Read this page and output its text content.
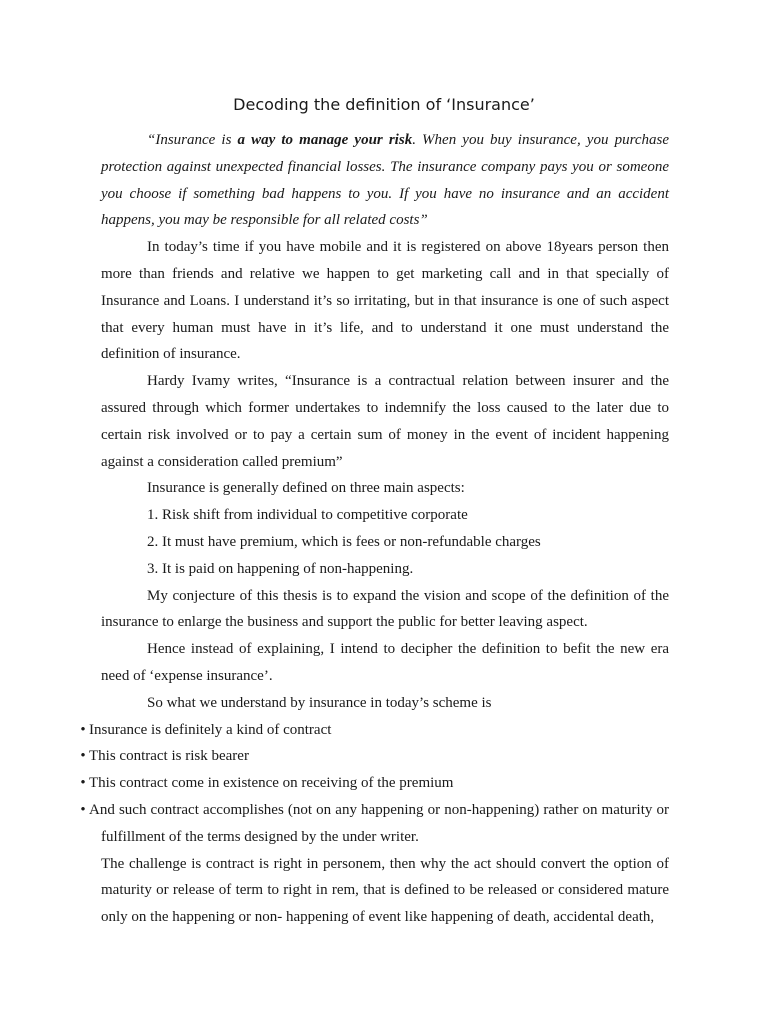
Decoding the definition of ‘Insurance’

“Insurance is a way to manage your risk. When you buy insurance, you purchase protection against unexpected financial losses. The insurance company pays you or someone you choose if something bad happens to you. If you have no insurance and an accident happens, you may be responsible for all related costs”

In today’s time if you have mobile and it is registered on above 18years person then more than friends and relative we happen to get marketing call and in that specially of Insurance and Loans. I understand it’s so irritating, but in that insurance is one of such aspect that every human must have in it’s life, and to understand it one must understand the definition of insurance.

Hardy Ivamy writes, “Insurance is a contractual relation between insurer and the assured through which former undertakes to indemnify the loss caused to the later due to certain risk involved or to pay a certain sum of money in the event of incident happening against a consideration called premium”

Insurance is generally defined on three main aspects:

1. Risk shift from individual to competitive corporate

2. It must have premium, which is fees or non-refundable charges

3. It is paid on happening of non-happening.

My conjecture of this thesis is to expand the vision and scope of the definition of the insurance to enlarge the business and support the public for better leaving aspect.

Hence instead of explaining, I intend to decipher the definition to befit the new era need of ‘expense insurance’.

So what we understand by insurance in today’s scheme is

• Insurance is definitely a kind of contract
• This contract is risk bearer
• This contract come in existence on receiving of the premium
• And such contract accomplishes (not on any happening or non-happening) rather on maturity or fulfillment of the terms designed by the under writer.

The challenge is contract is right in personem, then why the act should convert the option of maturity or release of term to right in rem, that is defined to be released or considered mature only on the happening or non- happening of event like happening of death, accidental death,
